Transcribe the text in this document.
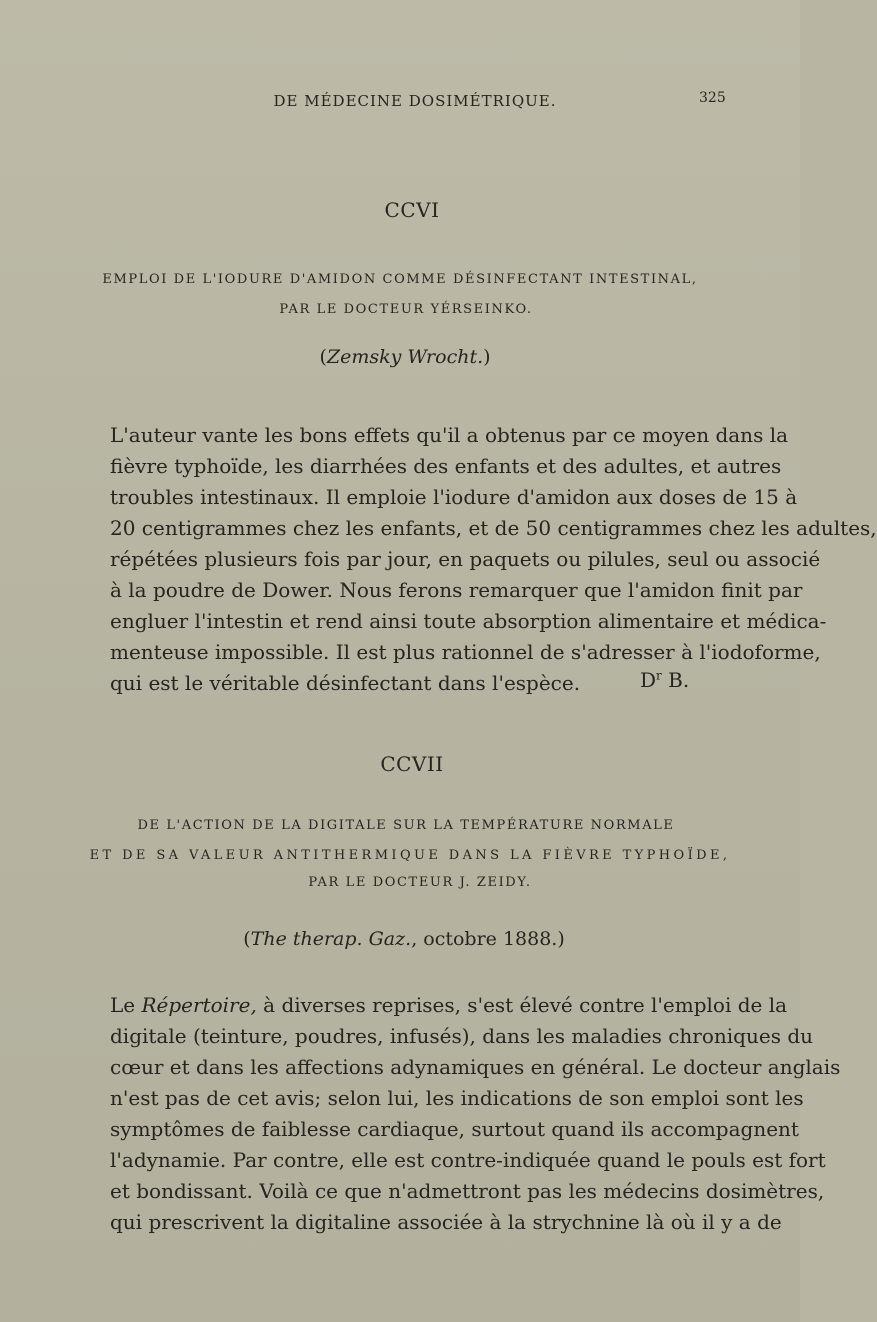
DE MÉDECINE DOSIMÉTRIQUE.	325
CCVI
EMPLOI DE L'IODURE D'AMIDON COMME DÉSINFECTANT INTESTINAL,
PAR LE DOCTEUR YÉRSEINKO.
(Zemsky Wrocht.)
L'auteur vante les bons effets qu'il a obtenus par ce moyen dans la
fièvre typhoïde, les diarrhées des enfants et des adultes, et autres
troubles intestinaux. Il emploie l'iodure d'amidon aux doses de 15 à
20 centigrammes chez les enfants, et de 50 centigrammes chez les adultes,
répétées plusieurs fois par jour, en paquets ou pilules, seul ou associé
à la poudre de Dower. Nous ferons remarquer que l'amidon finit par
engluer l'intestin et rend ainsi toute absorption alimentaire et médica-
menteuse impossible. Il est plus rationnel de s'adresser à l'iodoforme,
qui est le véritable désinfectant dans l'espèce.	$D^r$ B.
CCVII
DE L'ACTION DE LA DIGITALE SUR LA TEMPÉRATURE NORMALE
ET DE SA VALEUR ANTITHERMIQUE DANS LA FIÈVRE TYPHOÏDE,
PAR LE DOCTEUR J. ZEIDY.
(The therap. Gaz., octobre 1888.)
Le Répertoire, à diverses reprises, s'est élevé contre l'emploi de la
digitale (teinture, poudres, infusés), dans les maladies chroniques du
cœur et dans les affections adynamiques en général. Le docteur anglais
n'est pas de cet avis; selon lui, les indications de son emploi sont les
symptômes de faiblesse cardiaque, surtout quand ils accompagnent
l'adynamie. Par contre, elle est contre-indiquée quand le pouls est fort
et bondissant. Voilà ce que n'admettront pas les médecins dosimètres,
qui prescrivent la digitaline associée à la strychnine là où il y a de
